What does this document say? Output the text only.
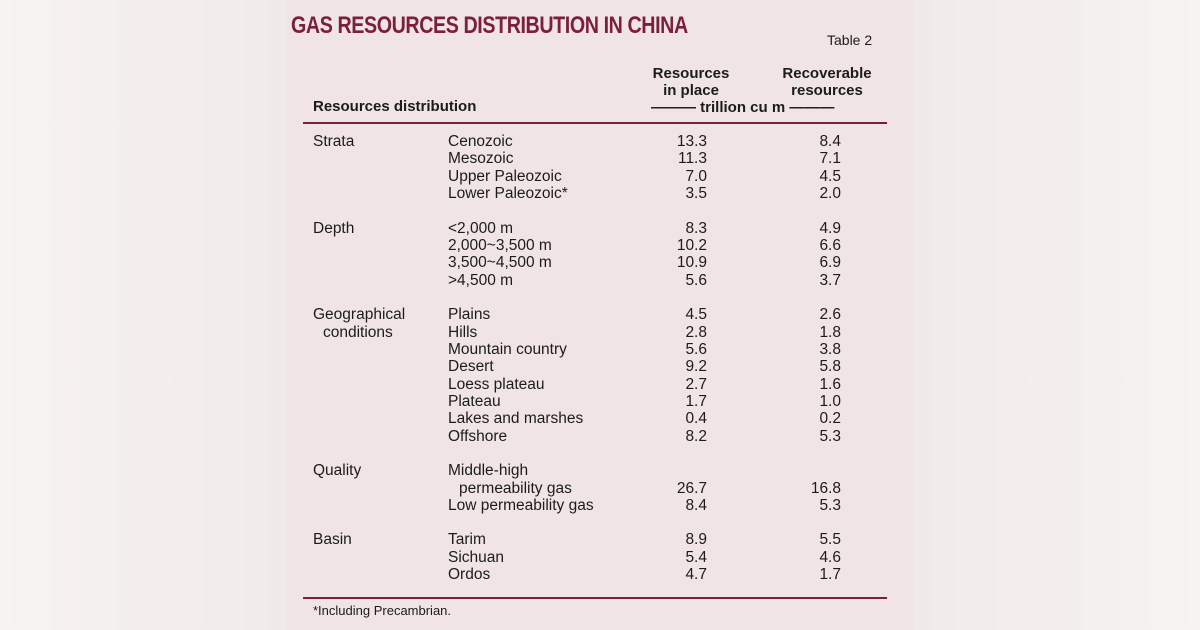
GAS RESOURCES DISTRIBUTION IN CHINA
Table 2
Resources
in place
Recoverable
resources
Resources distribution	——— trillion cu m ———
Strata	Cenozoic	13.3	8.4
Mesozoic	11.3	7.1
Upper Paleozoic	7.0	4.5
Lower Paleozoic*	3.5	2.0
Depth	<2,000 m	8.3	4.9
2,000~3,500 m	10.2	6.6
3,500~4,500 m	10.9	6.9
>4,500 m	5.6	3.7
Geographical	Plains	4.5	2.6
conditions	Hills	2.8	1.8
Mountain country	5.6	3.8
Desert	9.2	5.8
Loess plateau	2.7	1.6
Plateau	1.7	1.0
Lakes and marshes	0.4	0.2
Offshore	8.2	5.3
Quality	Middle-high
permeability gas	26.7	16.8
Low permeability gas	8.4	5.3
Basin	Tarim	8.9	5.5
Sichuan	5.4	4.6
Ordos	4.7	1.7
*Including Precambrian.
